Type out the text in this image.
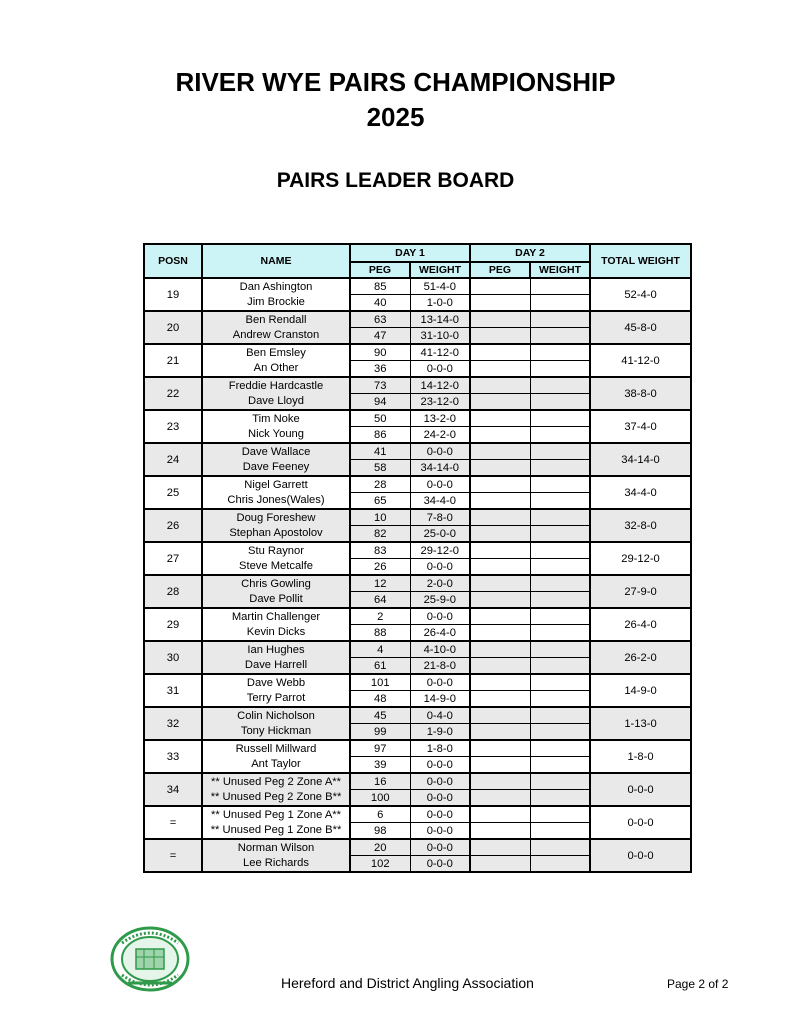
RIVER WYE PAIRS CHAMPIONSHIP
2025
PAIRS LEADER BOARD
POSN	NAME	DAY 1		DAY 2		TOTAL WEIGHT
		PEG	WEIGHT	PEG	WEIGHT	
19	Dan Ashington	85	51-4-0			52-4-0
	Jim Brockie	40	1-0-0			
20	Ben Rendall	63	13-14-0			45-8-0
	Andrew Cranston	47	31-10-0			
21	Ben Emsley	90	41-12-0			41-12-0
	An Other	36	0-0-0			
22	Freddie Hardcastle	73	14-12-0			38-8-0
	Dave Lloyd	94	23-12-0			
23	Tim Noke	50	13-2-0			37-4-0
	Nick Young	86	24-2-0			
24	Dave Wallace	41	0-0-0			34-14-0
	Dave Feeney	58	34-14-0			
25	Nigel Garrett	28	0-0-0			34-4-0
	Chris Jones(Wales)	65	34-4-0			
26	Doug Foreshew	10	7-8-0			32-8-0
	Stephan Apostolov	82	25-0-0			
27	Stu Raynor	83	29-12-0			29-12-0
	Steve Metcalfe	26	0-0-0			
28	Chris Gowling	12	2-0-0			27-9-0
	Dave Pollit	64	25-9-0			
29	Martin Challenger	2	0-0-0			26-4-0
	Kevin Dicks	88	26-4-0			
30	Ian Hughes	4	4-10-0			26-2-0
	Dave Harrell	61	21-8-0			
31	Dave Webb	101	0-0-0			14-9-0
	Terry Parrot	48	14-9-0			
32	Colin Nicholson	45	0-4-0			1-13-0
	Tony Hickman	99	1-9-0			
33	Russell Millward	97	1-8-0			1-8-0
	Ant Taylor	39	0-0-0			
34	** Unused Peg 2 Zone A**	16	0-0-0			0-0-0
	** Unused Peg 2 Zone B**	100	0-0-0			
=	** Unused Peg 1 Zone A**	6	0-0-0			0-0-0
	** Unused Peg 1 Zone B**	98	0-0-0			
=	Norman Wilson	20	0-0-0			0-0-0
	Lee Richards	102	0-0-0			
Hereford and District Angling Association	Page 2 of 2
